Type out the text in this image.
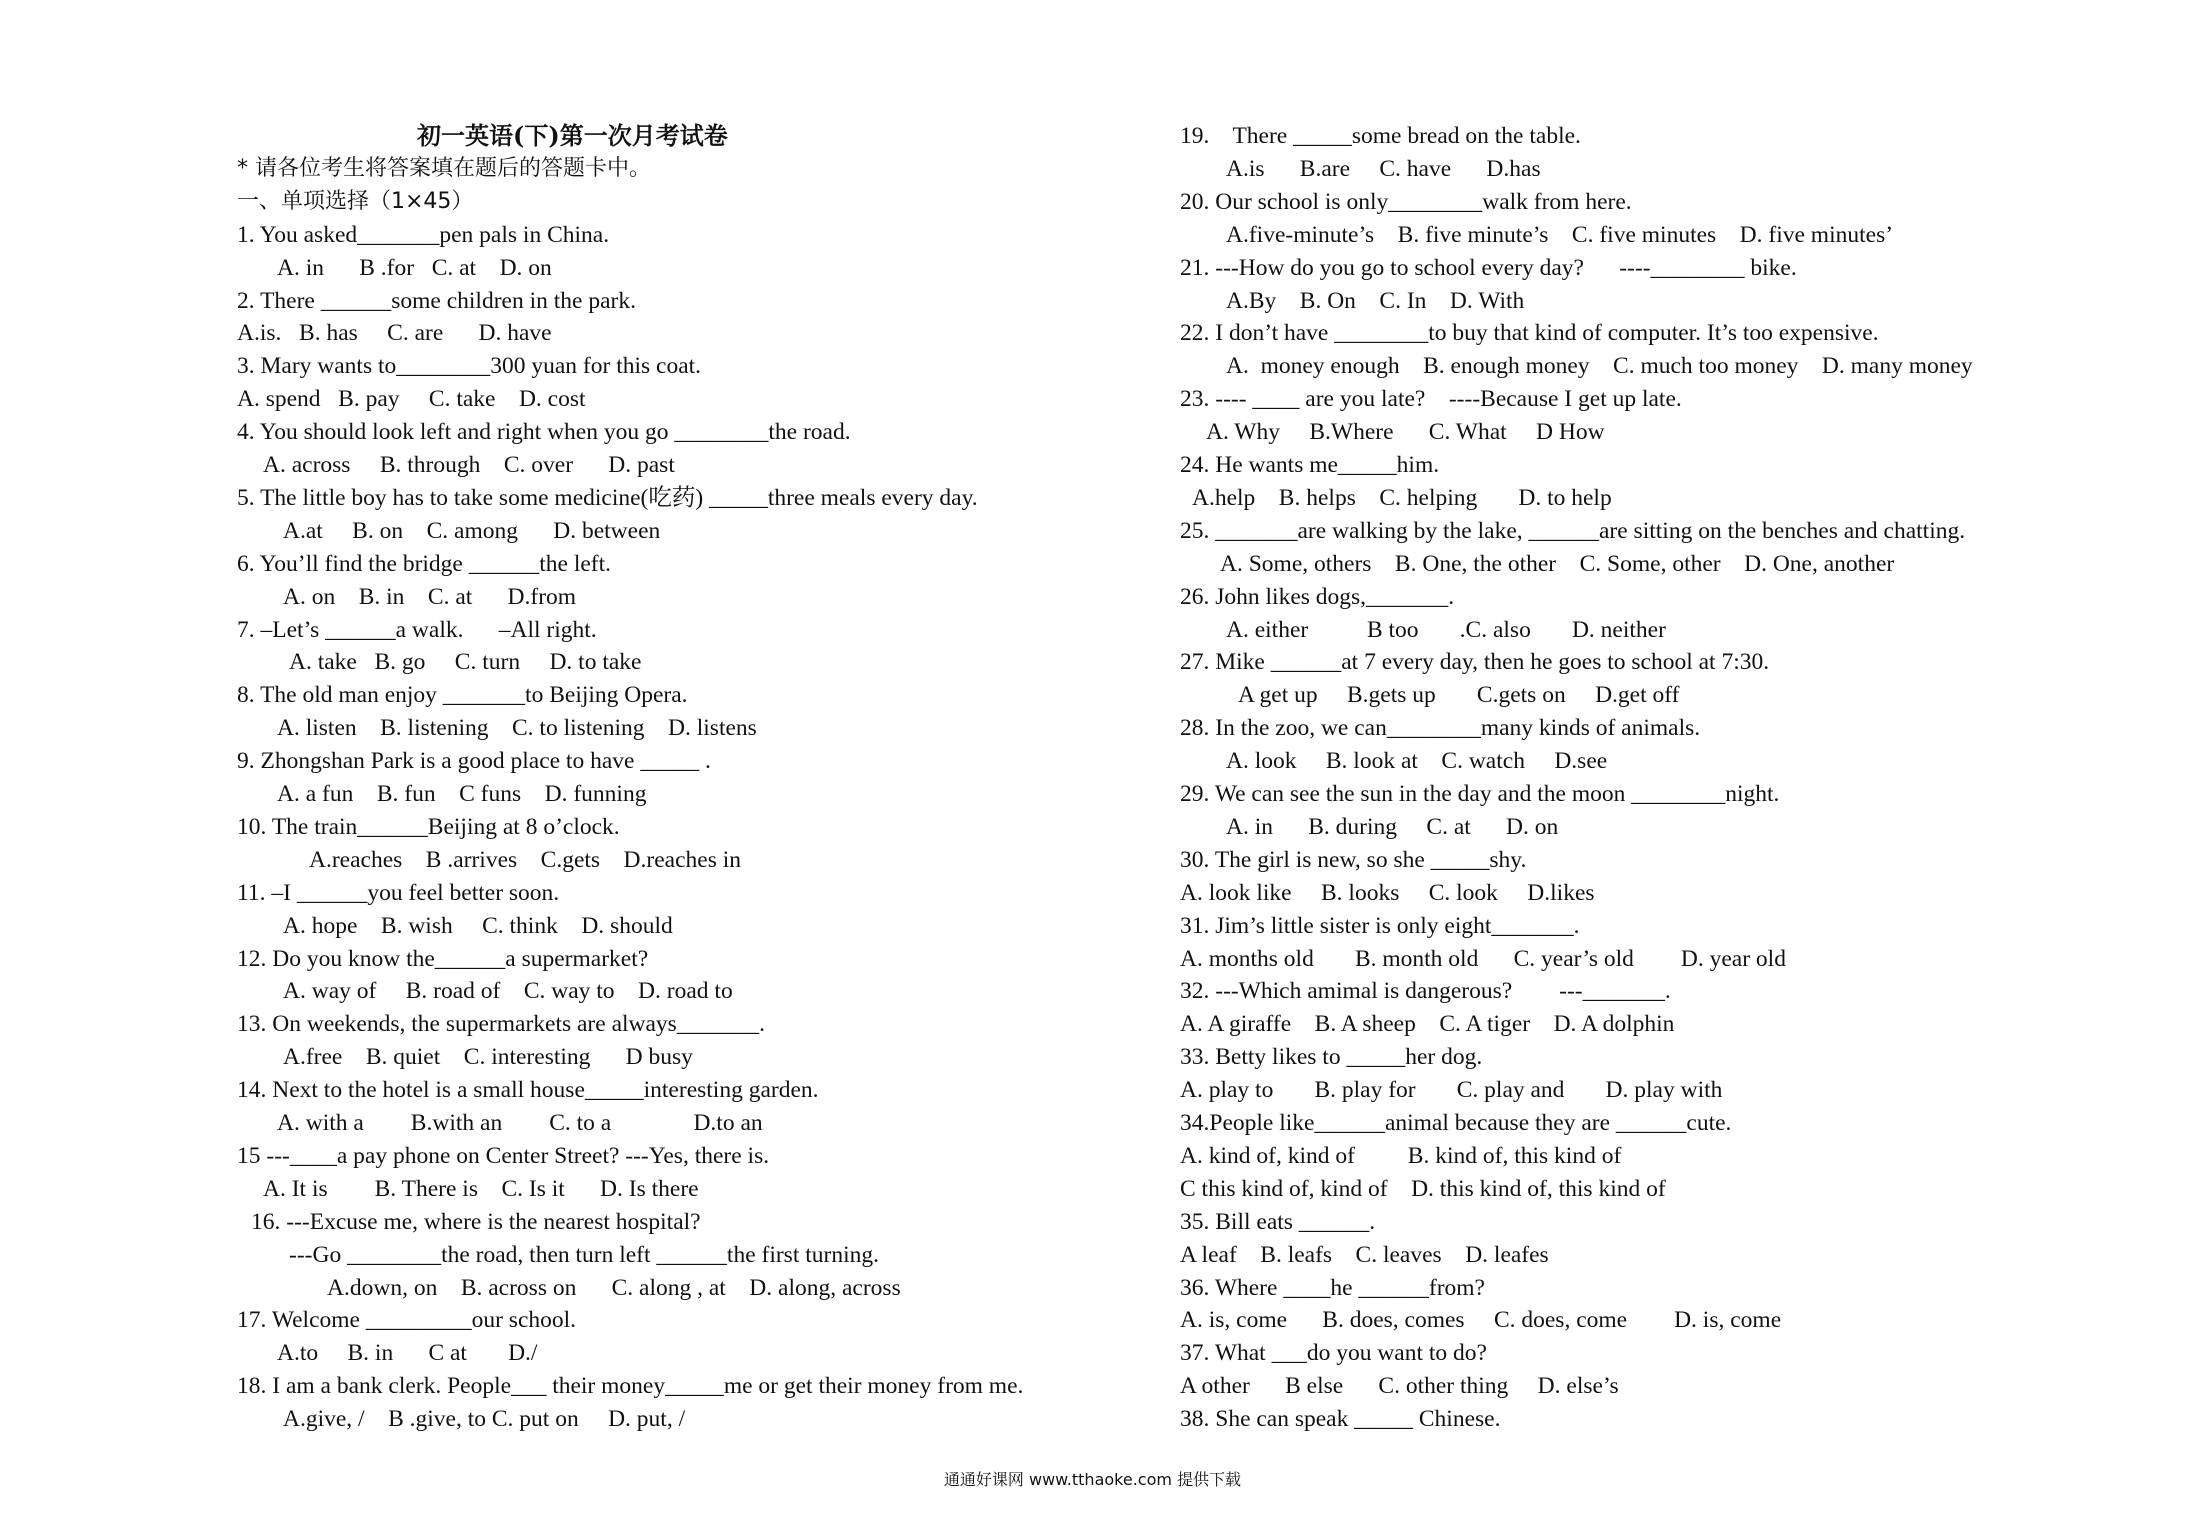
初一英语(下)第一次月考试卷
* 请各位考生将答案填在题后的答题卡中。
一、单项选择（1×45）
1. You asked_______pen pals in China.
A. in      B .for   C. at    D. on
2. There ______some children in the park.
A.is.   B. has     C. are      D. have
3. Mary wants to________300 yuan for this coat.
A. spend   B. pay     C. take    D. cost
4. You should look left and right when you go ________the road.
A. across     B. through    C. over      D. past
5. The little boy has to take some medicine(吃药) _____three meals every day.
A.at     B. on    C. among      D. between
6. You’ll find the bridge ______the left.
A. on    B. in    C. at      D.from
7. –Let’s ______a walk.      –All right.
A. take   B. go     C. turn     D. to take
8. The old man enjoy _______to Beijing Opera.
A. listen    B. listening    C. to listening    D. listens
9. Zhongshan Park is a good place to have _____ .
A. a fun    B. fun    C funs    D. funning
10. The train______Beijing at 8 o’clock.
A.reaches    B .arrives    C.gets    D.reaches in
11. –I ______you feel better soon.
A. hope    B. wish     C. think    D. should
12. Do you know the______a supermarket?
A. way of     B. road of    C. way to    D. road to
13. On weekends, the supermarkets are always_______.
A.free    B. quiet    C. interesting      D busy
14. Next to the hotel is a small house_____interesting garden.
A. with a        B.with an        C. to a              D.to an
15 ---____a pay phone on Center Street? ---Yes, there is.
A. It is        B. There is    C. Is it      D. Is there
16. ---Excuse me, where is the nearest hospital?
---Go ________the road, then turn left ______the first turning.
A.down, on    B. across on      C. along , at    D. along, across
17. Welcome _________our school.
A.to     B. in      C at       D./
18. I am a bank clerk. People___ their money_____me or get their money from me.
A.give, /    B .give, to C. put on     D. put, /
19.    There _____some bread on the table.
A.is      B.are     C. have      D.has
20. Our school is only________walk from here.
A.five-minute’s    B. five minute’s    C. five minutes    D. five minutes’
21. ---How do you go to school every day?      ----________ bike.
A.By    B. On    C. In    D. With
22. I don’t have ________to buy that kind of computer. It’s too expensive.
A.  money enough    B. enough money    C. much too money    D. many money
23. ---- ____ are you late?    ----Because I get up late.
A. Why     B.Where      C. What     D How
24. He wants me_____him.
A.help    B. helps    C. helping       D. to help
25. _______are walking by the lake, ______are sitting on the benches and chatting.
A. Some, others    B. One, the other    C. Some, other    D. One, another
26. John likes dogs,_______.
A. either          B too       .C. also       D. neither
27. Mike ______at 7 every day, then he goes to school at 7:30.
A get up     B.gets up       C.gets on     D.get off
28. In the zoo, we can________many kinds of animals.
A. look     B. look at    C. watch     D.see
29. We can see the sun in the day and the moon ________night.
A. in      B. during     C. at      D. on
30. The girl is new, so she _____shy.
A. look like     B. looks     C. look     D.likes
31. Jim’s little sister is only eight_______.
A. months old       B. month old      C. year’s old        D. year old
32. ---Which amimal is dangerous?        ---_______.
A. A giraffe    B. A sheep    C. A tiger    D. A dolphin
33. Betty likes to _____her dog.
A. play to       B. play for       C. play and       D. play with
34.People like______animal because they are ______cute.
A. kind of, kind of         B. kind of, this kind of
C this kind of, kind of    D. this kind of, this kind of
35. Bill eats ______.
A leaf    B. leafs    C. leaves    D. leafes
36. Where ____he ______from?
A. is, come      B. does, comes     C. does, come        D. is, come
37. What ___do you want to do?
A other      B else      C. other thing     D. else’s
38. She can speak _____ Chinese.
通通好课网 www.tthaoke.com 提供下载
